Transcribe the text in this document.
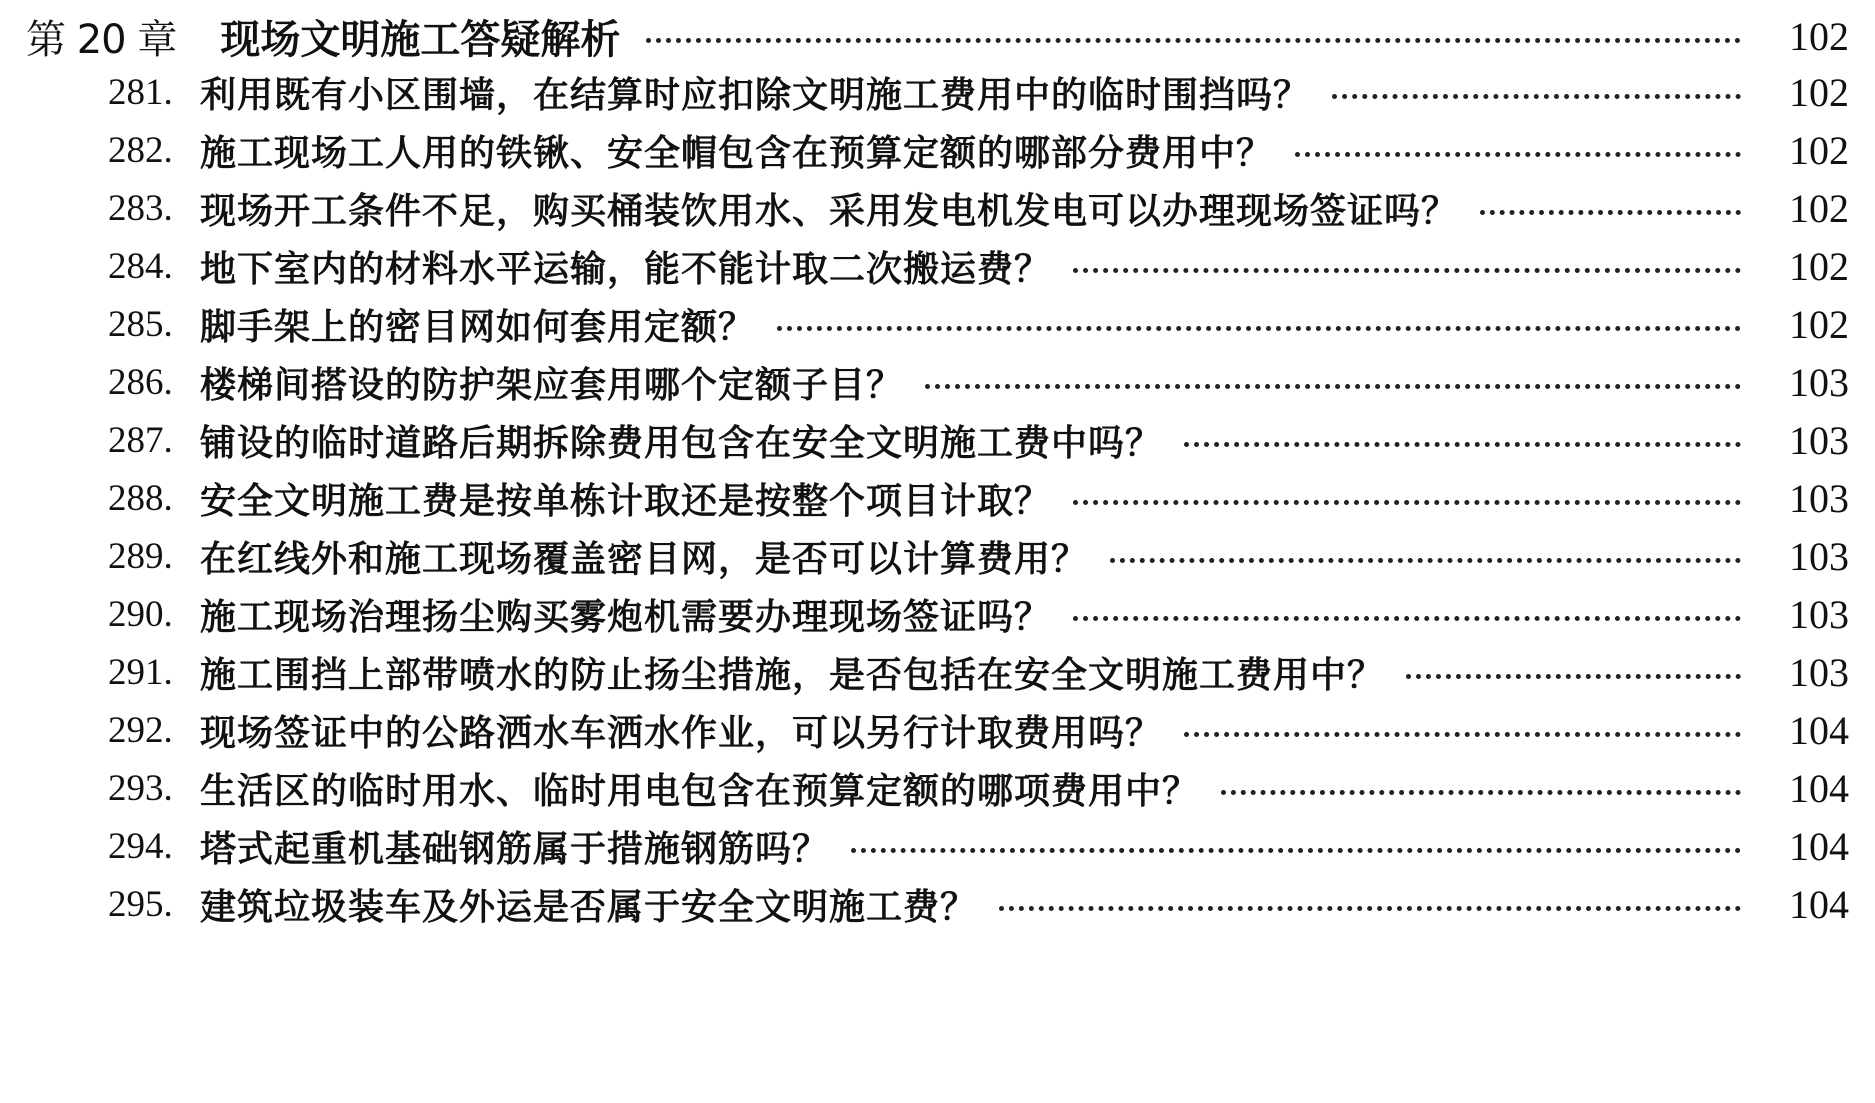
第 20 章 现场文明施工答疑解析	102
281. 利用既有小区围墙，在结算时应扣除文明施工费用中的临时围挡吗？	102
282. 施工现场工人用的铁锹、安全帽包含在预算定额的哪部分费用中？	102
283. 现场开工条件不足，购买桶装饮用水、采用发电机发电可以办理现场签证吗？	102
284. 地下室内的材料水平运输，能不能计取二次搬运费？	102
285. 脚手架上的密目网如何套用定额？	102
286. 楼梯间搭设的防护架应套用哪个定额子目？	103
287. 铺设的临时道路后期拆除费用包含在安全文明施工费中吗？	103
288. 安全文明施工费是按单栋计取还是按整个项目计取？	103
289. 在红线外和施工现场覆盖密目网，是否可以计算费用？	103
290. 施工现场治理扬尘购买雾炮机需要办理现场签证吗？	103
291. 施工围挡上部带喷水的防止扬尘措施，是否包括在安全文明施工费用中？	103
292. 现场签证中的公路洒水车洒水作业，可以另行计取费用吗？	104
293. 生活区的临时用水、临时用电包含在预算定额的哪项费用中？	104
294. 塔式起重机基础钢筋属于措施钢筋吗？	104
295. 建筑垃圾装车及外运是否属于安全文明施工费？	104
